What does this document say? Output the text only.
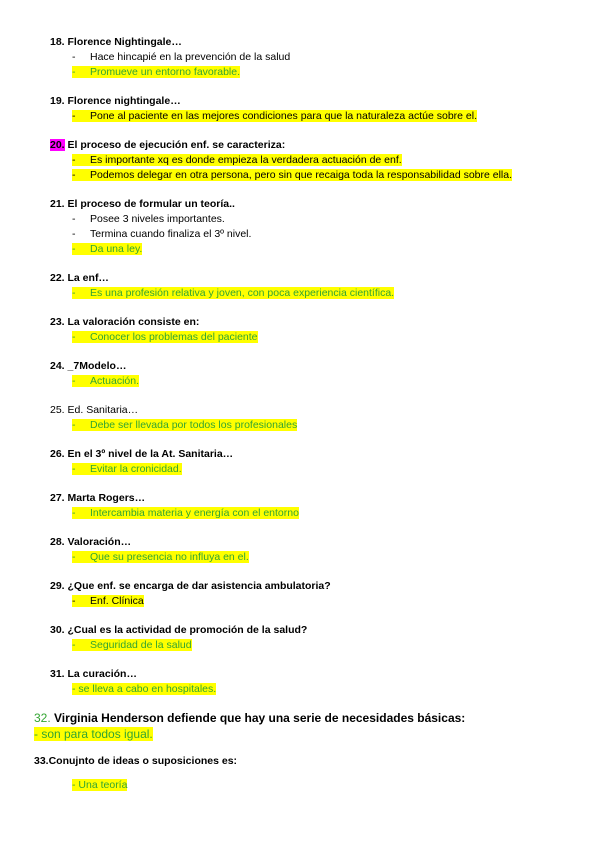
18. Florence Nightingale…
- Hace hincapié en la prevención de la salud
- Promueve un entorno favorable.
19. Florence nightingale…
- Pone al paciente en las mejores condiciones para que la naturaleza actúe sobre el.
20. El proceso de ejecución enf. se caracteriza:
- Es importante xq es donde empieza la verdadera actuación de enf.
- Podemos delegar en otra persona, pero sin que recaiga toda la responsabilidad sobre ella.
21. El proceso de formular un teoría..
- Posee 3 niveles importantes.
- Termina cuando finaliza el 3º nivel.
- Da una ley.
22. La enf…
- Es una profesión relativa y joven, con poca experiencia científica.
23. La valoración consiste en:
- Conocer los problemas del paciente
24. _7Modelo…
- Actuación.
25. Ed. Sanitaria…
- Debe ser llevada por todos los profesionales
26. En el 3º nivel de la At. Sanitaria…
- Evitar la cronicidad.
27. Marta Rogers…
- Intercambia materia y energía con el entorno
28. Valoración…
- Que su presencia no influya en el.
29. ¿Que enf. se encarga de dar asistencia ambulatoria?
- Enf. Clínica
30. ¿Cual es la actividad de promoción de la salud?
- Seguridad de la salud
31. La curación…
- se lleva a cabo en hospitales.
32. Virginia Henderson defiende que hay una serie de necesidades básicas:
- son para todos igual.
33.Conujnto de ideas o suposiciones es:
- Una teoría
